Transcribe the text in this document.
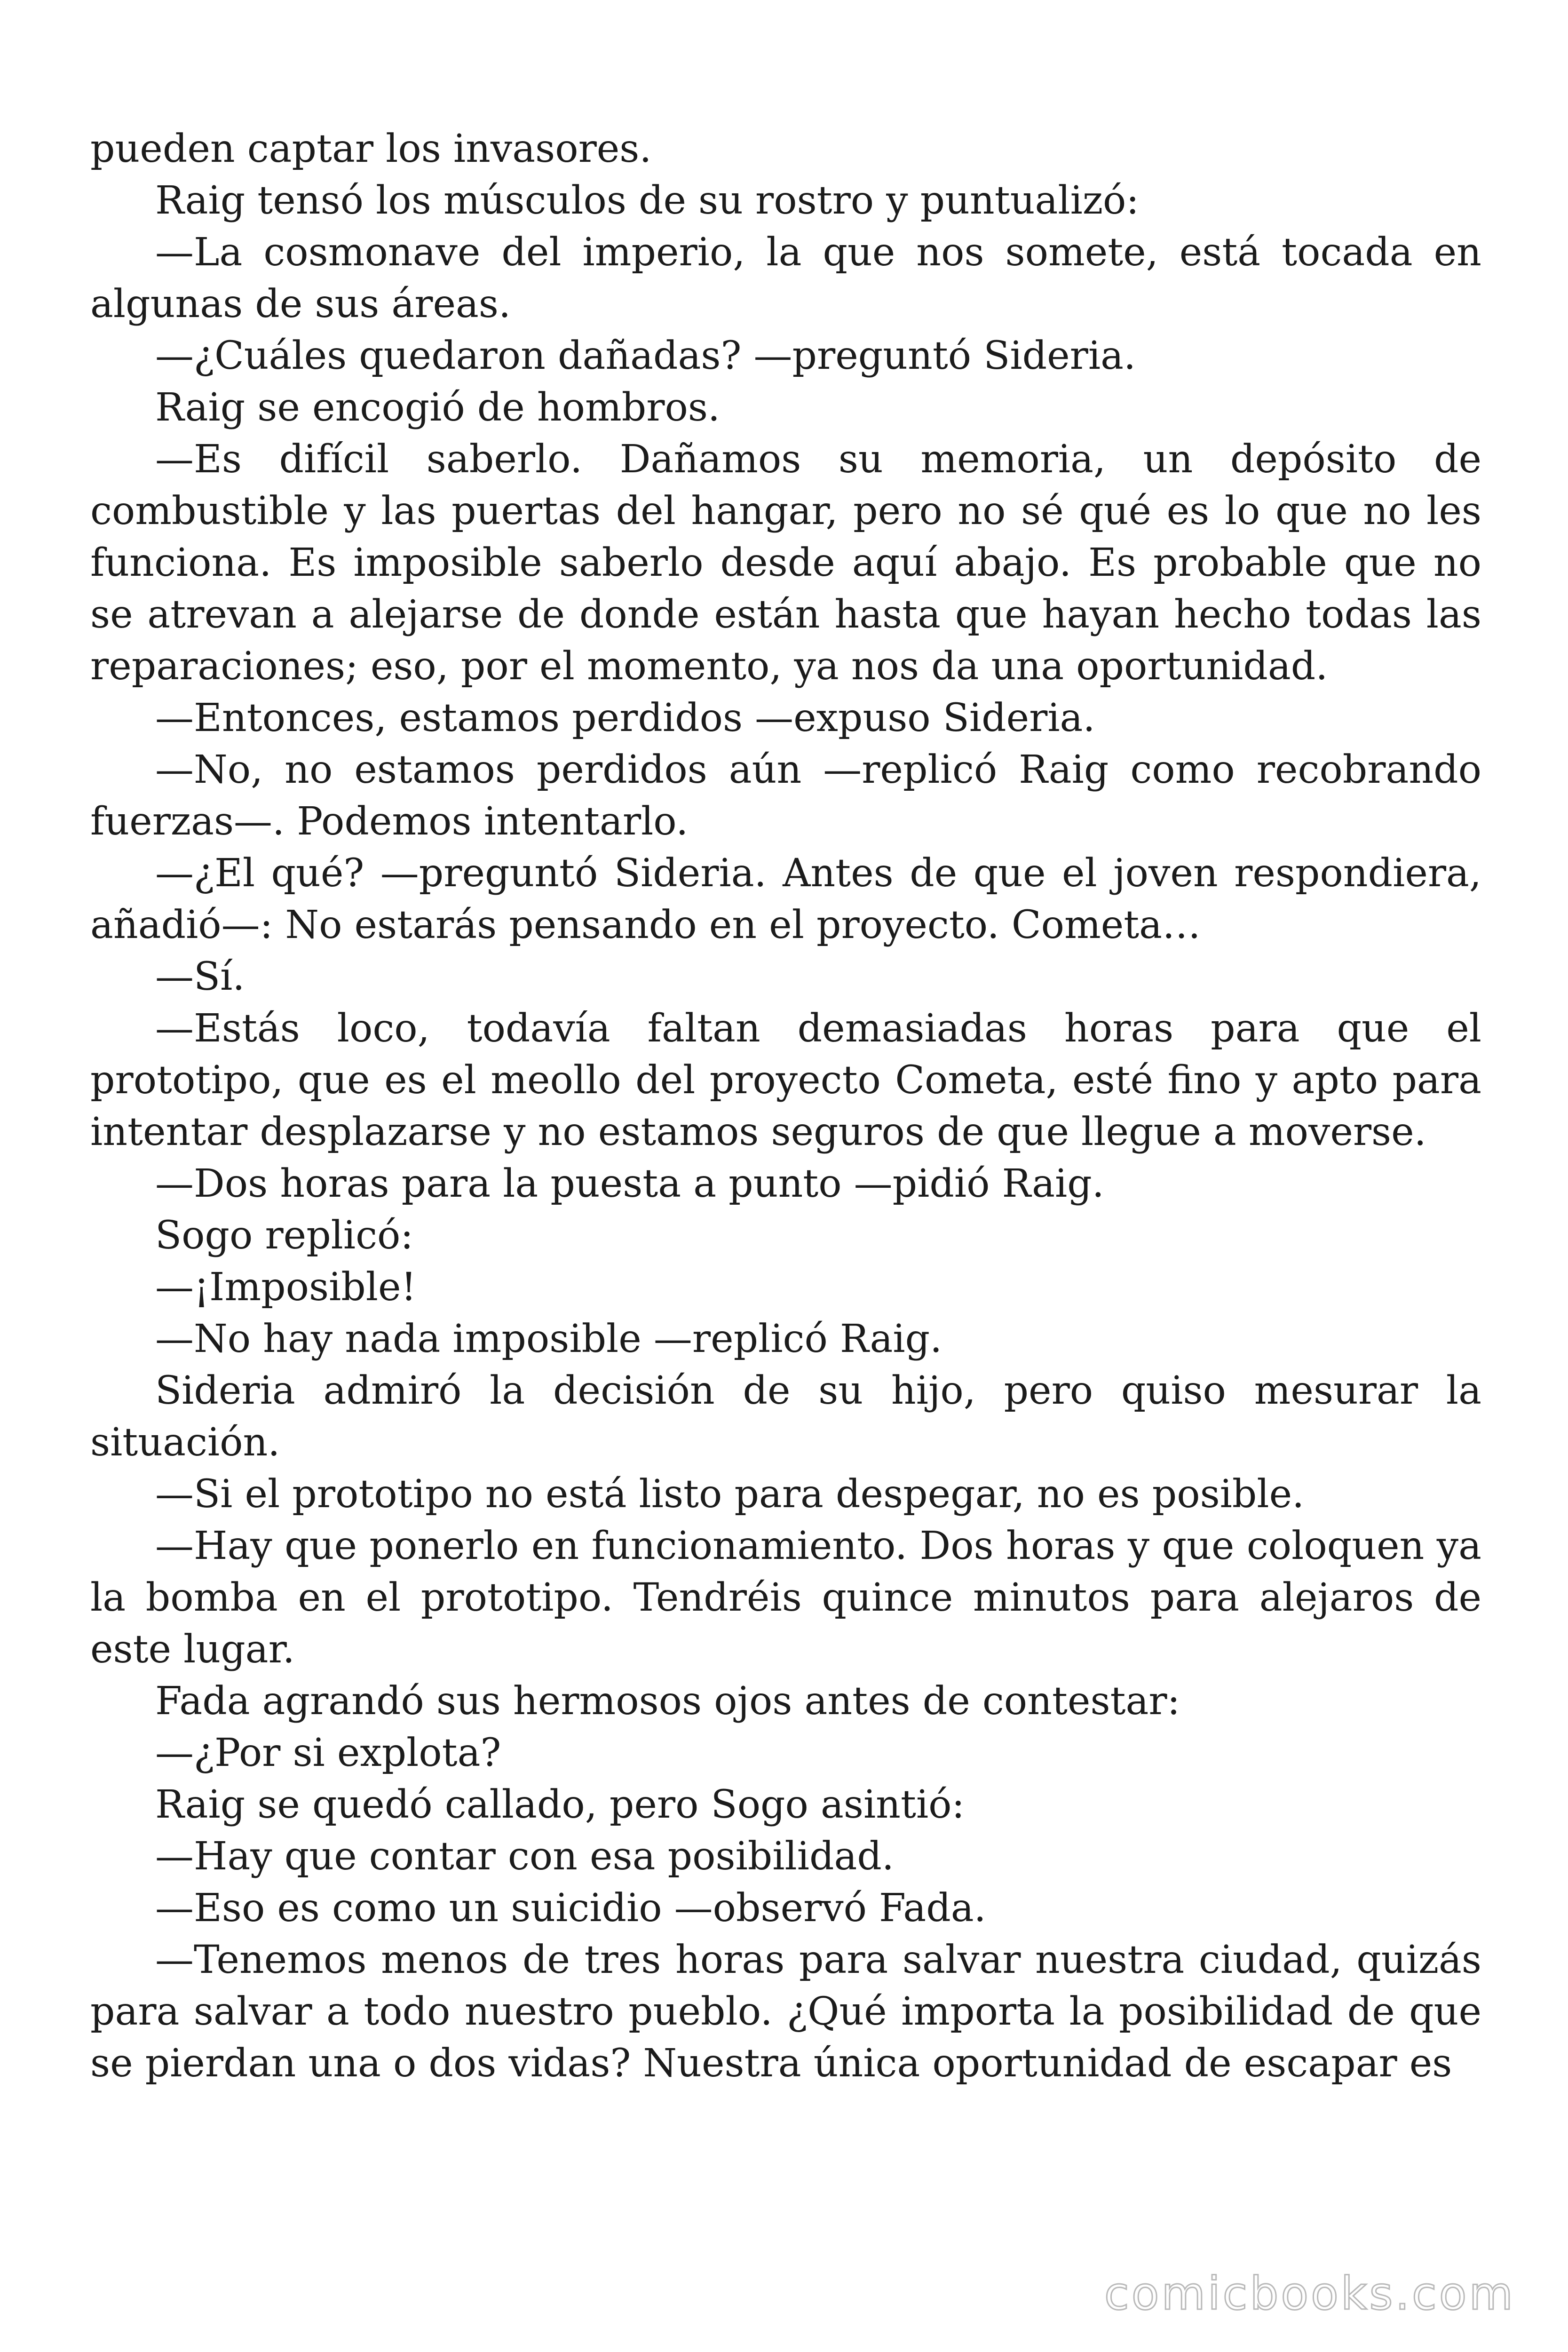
pueden captar los invasores.

Raig tensó los músculos de su rostro y puntualizó:

—La cosmonave del imperio, la que nos somete, está tocada en algunas de sus áreas.

—¿Cuáles quedaron dañadas? —preguntó Sideria.

Raig se encogió de hombros.

—Es difícil saberlo. Dañamos su memoria, un depósito de combustible y las puertas del hangar, pero no sé qué es lo que no les funciona. Es imposible saberlo desde aquí abajo. Es probable que no se atrevan a alejarse de donde están hasta que hayan hecho todas las reparaciones; eso, por el momento, ya nos da una oportunidad.

—Entonces, estamos perdidos —expuso Sideria.

—No, no estamos perdidos aún —replicó Raig como recobrando fuerzas—. Podemos intentarlo.

—¿El qué? —preguntó Sideria. Antes de que el joven respondiera, añadió—: No estarás pensando en el proyecto. Cometa…

—Sí.

—Estás loco, todavía faltan demasiadas horas para que el prototipo, que es el meollo del proyecto Cometa, esté fino y apto para intentar desplazarse y no estamos seguros de que llegue a moverse.

—Dos horas para la puesta a punto —pidió Raig.

Sogo replicó:

—¡Imposible!

—No hay nada imposible —replicó Raig.

Sideria admiró la decisión de su hijo, pero quiso mesurar la situación.

—Si el prototipo no está listo para despegar, no es posible.

—Hay que ponerlo en funcionamiento. Dos horas y que coloquen ya la bomba en el prototipo. Tendréis quince minutos para alejaros de este lugar.

Fada agrandó sus hermosos ojos antes de contestar:

—¿Por si explota?

Raig se quedó callado, pero Sogo asintió:

—Hay que contar con esa posibilidad.

—Eso es como un suicidio —observó Fada.

—Tenemos menos de tres horas para salvar nuestra ciudad, quizás para salvar a todo nuestro pueblo. ¿Qué importa la posibilidad de que se pierdan una o dos vidas? Nuestra única oportunidad de escapar es

comicbooks.com
